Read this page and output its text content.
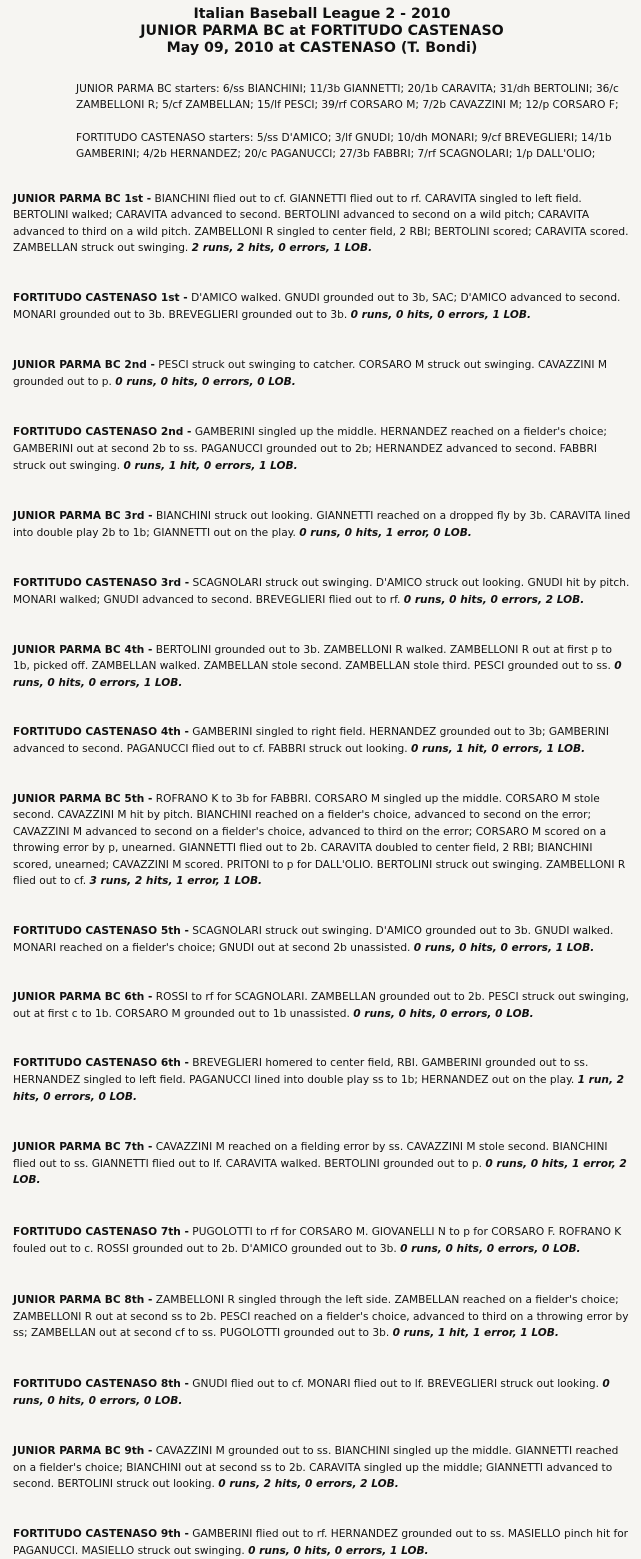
Italian Baseball League 2 - 2010
JUNIOR PARMA BC at FORTITUDO CASTENASO
May 09, 2010 at CASTENASO (T. Bondi)

JUNIOR PARMA BC starters: 6/ss BIANCHINI; 11/3b GIANNETTI; 20/1b CARAVITA; 31/dh BERTOLINI; 36/c ZAMBELLONI R; 5/cf ZAMBELLAN; 15/lf PESCI; 39/rf CORSARO M; 7/2b CAVAZZINI M; 12/p CORSARO F;

FORTITUDO CASTENASO starters: 5/ss D'AMICO; 3/lf GNUDI; 10/dh MONARI; 9/cf BREVEGLIERI; 14/1b GAMBERINI; 4/2b HERNANDEZ; 20/c PAGANUCCI; 27/3b FABBRI; 7/rf SCAGNOLARI; 1/p DALL'OLIO;

JUNIOR PARMA BC 1st - BIANCHINI flied out to cf. GIANNETTI flied out to rf. CARAVITA singled to left field. BERTOLINI walked; CARAVITA advanced to second. BERTOLINI advanced to second on a wild pitch; CARAVITA advanced to third on a wild pitch. ZAMBELLONI R singled to center field, 2 RBI; BERTOLINI scored; CARAVITA scored. ZAMBELLAN struck out swinging. 2 runs, 2 hits, 0 errors, 1 LOB.

FORTITUDO CASTENASO 1st - D'AMICO walked. GNUDI grounded out to 3b, SAC; D'AMICO advanced to second. MONARI grounded out to 3b. BREVEGLIERI grounded out to 3b. 0 runs, 0 hits, 0 errors, 1 LOB.

JUNIOR PARMA BC 2nd - PESCI struck out swinging to catcher. CORSARO M struck out swinging. CAVAZZINI M grounded out to p. 0 runs, 0 hits, 0 errors, 0 LOB.

FORTITUDO CASTENASO 2nd - GAMBERINI singled up the middle. HERNANDEZ reached on a fielder's choice; GAMBERINI out at second 2b to ss. PAGANUCCI grounded out to 2b; HERNANDEZ advanced to second. FABBRI struck out swinging. 0 runs, 1 hit, 0 errors, 1 LOB.

JUNIOR PARMA BC 3rd - BIANCHINI struck out looking. GIANNETTI reached on a dropped fly by 3b. CARAVITA lined into double play 2b to 1b; GIANNETTI out on the play. 0 runs, 0 hits, 1 error, 0 LOB.

FORTITUDO CASTENASO 3rd - SCAGNOLARI struck out swinging. D'AMICO struck out looking. GNUDI hit by pitch. MONARI walked; GNUDI advanced to second. BREVEGLIERI flied out to rf. 0 runs, 0 hits, 0 errors, 2 LOB.

JUNIOR PARMA BC 4th - BERTOLINI grounded out to 3b. ZAMBELLONI R walked. ZAMBELLONI R out at first p to 1b, picked off. ZAMBELLAN walked. ZAMBELLAN stole second. ZAMBELLAN stole third. PESCI grounded out to ss. 0 runs, 0 hits, 0 errors, 1 LOB.

FORTITUDO CASTENASO 4th - GAMBERINI singled to right field. HERNANDEZ grounded out to 3b; GAMBERINI advanced to second. PAGANUCCI flied out to cf. FABBRI struck out looking. 0 runs, 1 hit, 0 errors, 1 LOB.

JUNIOR PARMA BC 5th - ROFRANO K to 3b for FABBRI. CORSARO M singled up the middle. CORSARO M stole second. CAVAZZINI M hit by pitch. BIANCHINI reached on a fielder's choice, advanced to second on the error; CAVAZZINI M advanced to second on a fielder's choice, advanced to third on the error; CORSARO M scored on a throwing error by p, unearned. GIANNETTI flied out to 2b. CARAVITA doubled to center field, 2 RBI; BIANCHINI scored, unearned; CAVAZZINI M scored. PRITONI to p for DALL'OLIO. BERTOLINI struck out swinging. ZAMBELLONI R flied out to cf. 3 runs, 2 hits, 1 error, 1 LOB.

FORTITUDO CASTENASO 5th - SCAGNOLARI struck out swinging. D'AMICO grounded out to 3b. GNUDI walked. MONARI reached on a fielder's choice; GNUDI out at second 2b unassisted. 0 runs, 0 hits, 0 errors, 1 LOB.

JUNIOR PARMA BC 6th - ROSSI to rf for SCAGNOLARI. ZAMBELLAN grounded out to 2b. PESCI struck out swinging, out at first c to 1b. CORSARO M grounded out to 1b unassisted. 0 runs, 0 hits, 0 errors, 0 LOB.

FORTITUDO CASTENASO 6th - BREVEGLIERI homered to center field, RBI. GAMBERINI grounded out to ss. HERNANDEZ singled to left field. PAGANUCCI lined into double play ss to 1b; HERNANDEZ out on the play. 1 run, 2 hits, 0 errors, 0 LOB.

JUNIOR PARMA BC 7th - CAVAZZINI M reached on a fielding error by ss. CAVAZZINI M stole second. BIANCHINI flied out to ss. GIANNETTI flied out to lf. CARAVITA walked. BERTOLINI grounded out to p. 0 runs, 0 hits, 1 error, 2 LOB.

FORTITUDO CASTENASO 7th - PUGOLOTTI to rf for CORSARO M. GIOVANELLI N to p for CORSARO F. ROFRANO K fouled out to c. ROSSI grounded out to 2b. D'AMICO grounded out to 3b. 0 runs, 0 hits, 0 errors, 0 LOB.

JUNIOR PARMA BC 8th - ZAMBELLONI R singled through the left side. ZAMBELLAN reached on a fielder's choice; ZAMBELLONI R out at second ss to 2b. PESCI reached on a fielder's choice, advanced to third on a throwing error by ss; ZAMBELLAN out at second cf to ss. PUGOLOTTI grounded out to 3b. 0 runs, 1 hit, 1 error, 1 LOB.

FORTITUDO CASTENASO 8th - GNUDI flied out to cf. MONARI flied out to lf. BREVEGLIERI struck out looking. 0 runs, 0 hits, 0 errors, 0 LOB.

JUNIOR PARMA BC 9th - CAVAZZINI M grounded out to ss. BIANCHINI singled up the middle. GIANNETTI reached on a fielder's choice; BIANCHINI out at second ss to 2b. CARAVITA singled up the middle; GIANNETTI advanced to second. BERTOLINI struck out looking. 0 runs, 2 hits, 0 errors, 2 LOB.

FORTITUDO CASTENASO 9th - GAMBERINI flied out to rf. HERNANDEZ grounded out to ss. MASIELLO pinch hit for PAGANUCCI. MASIELLO struck out swinging. 0 runs, 0 hits, 0 errors, 1 LOB.
